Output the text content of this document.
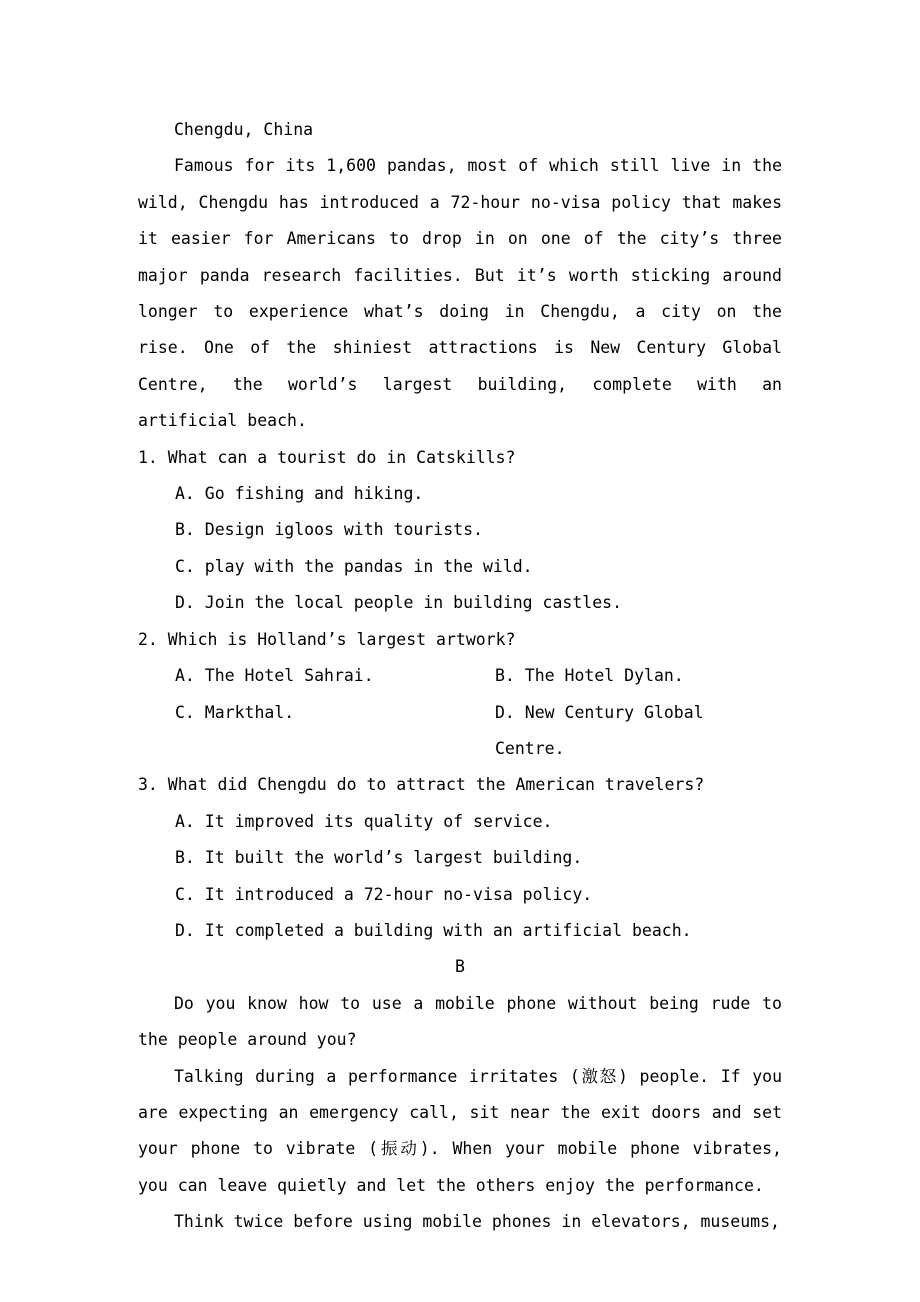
Chengdu, China

Famous for its 1,600 pandas, most of which still live in the wild, Chengdu has introduced a 72-hour no-visa policy that makes it easier for Americans to drop in on one of the city’s three major panda research facilities. But it’s worth sticking around longer to experience what’s doing in Chengdu, a city on the rise. One of the shiniest attractions is New Century Global Centre, the world’s largest building, complete with an artificial beach.

1. What can a tourist do in Catskills?

A. Go fishing and hiking.

B. Design igloos with tourists.

C. play with the pandas in the wild.

D. Join the local people in building castles.

2. Which is Holland’s largest artwork?

A. The Hotel Sahrai.	B. The Hotel Dylan.
C. Markthal.	D. New Century Global Centre.

3. What did Chengdu do to attract the American travelers?

A. It improved its quality of service.

B. It built the world’s largest building.

C. It introduced a 72-hour no-visa policy.

D. It completed a building with an artificial beach.

B

Do you know how to use a mobile phone without being rude to the people around you?

Talking during a performance irritates (激怒) people. If you are expecting an emergency call, sit near the exit doors and set your phone to vibrate (振动). When your mobile phone vibrates, you can leave quietly and let the others enjoy the performance.

Think twice before using mobile phones in elevators, museums,
